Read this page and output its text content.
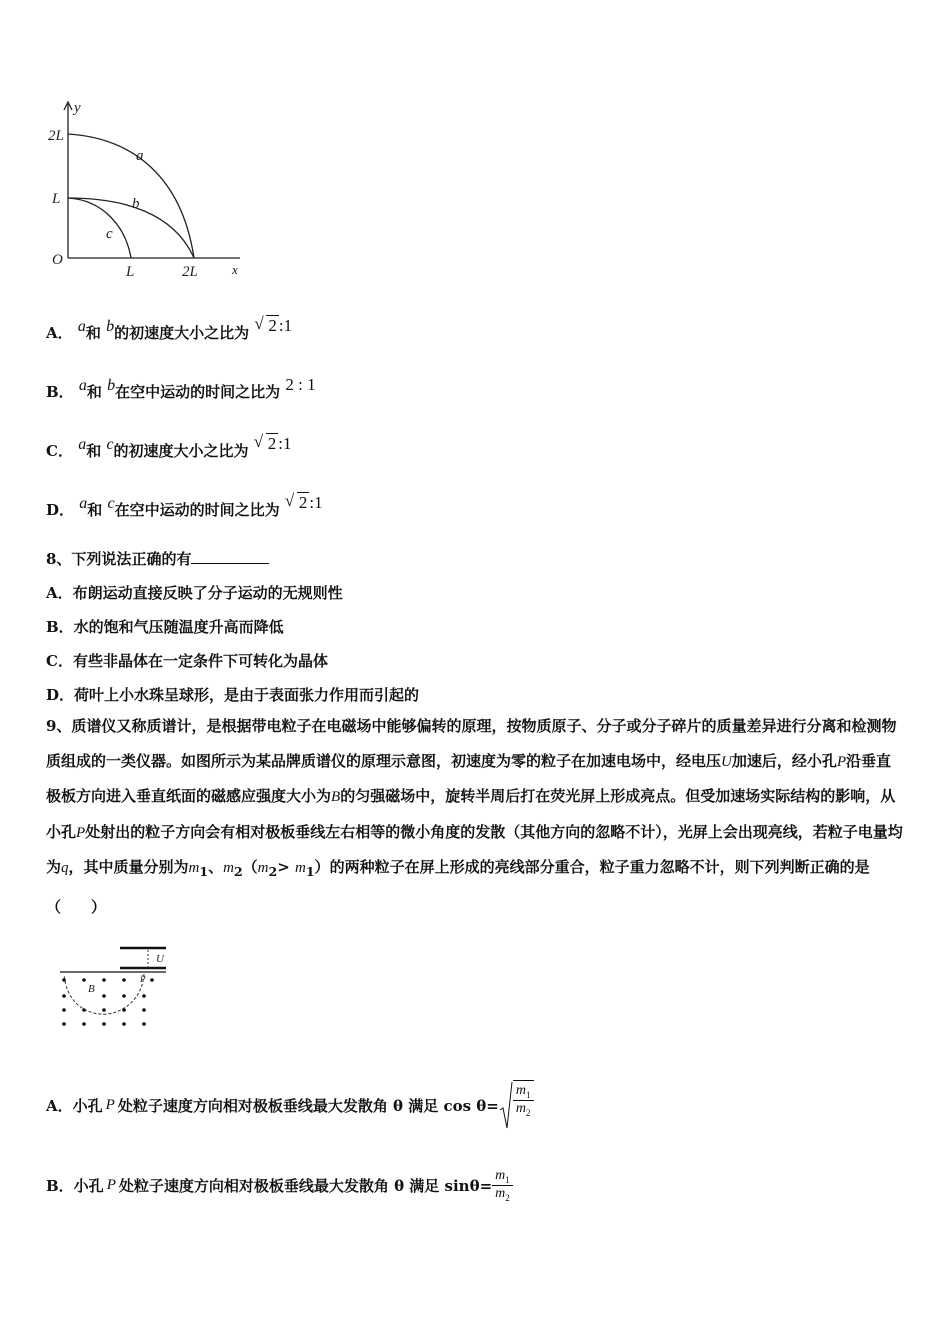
y
2L
L
O
L	2L	x
a
b
c
A． a和 b的初速度大小之比为 √ 2 :1
B． a和 b在空中运动的时间之比为 2 : 1
C． a和 c的初速度大小之比为 √ 2 :1
D． a和 c在空中运动的时间之比为 √ 2 :1
8、下列说法正确的有
A．布朗运动直接反映了分子运动的无规则性
B．水的饱和气压随温度升高而降低
C．有些非晶体在一定条件下可转化为晶体
D．荷叶上小水珠呈球形，是由于表面张力作用而引起的
9、质谱仪又称质谱计，是根据带电粒子在电磁场中能够偏转的原理，按物质原子、分子或分子碎片的质量差异进行分离和检测物质组成的一类仪器。如图所示为某品牌质谱仪的原理示意图，初速度为零的粒子在加速电场中，经电压U加速后，经小孔P沿垂直极板方向进入垂直纸面的磁感应强度大小为B的匀强磁场中，旋转半周后打在荧光屏上形成亮点。但受加速场实际结构的影响，从小孔P处射出的粒子方向会有相对极板垂线左右相等的微小角度的发散（其他方向的忽略不计），光屏上会出现亮线，若粒子电量均为q，其中质量分别为$m_1$、$m_2(m_2> m_1)$的两种粒子在屏上形成的亮线部分重合，粒子重力忽略不计，则下列判断正确的是（　　）
U
P
B
A．小孔 P 处粒子速度方向相对极板垂线最大发散角 θ 满足 $\cos \theta= \frac{m_1}{m_2}$
B．小孔 P 处粒子速度方向相对极板垂线最大发散角 θ 满足 $\sin\theta= \frac{m_1}{m_2}$
